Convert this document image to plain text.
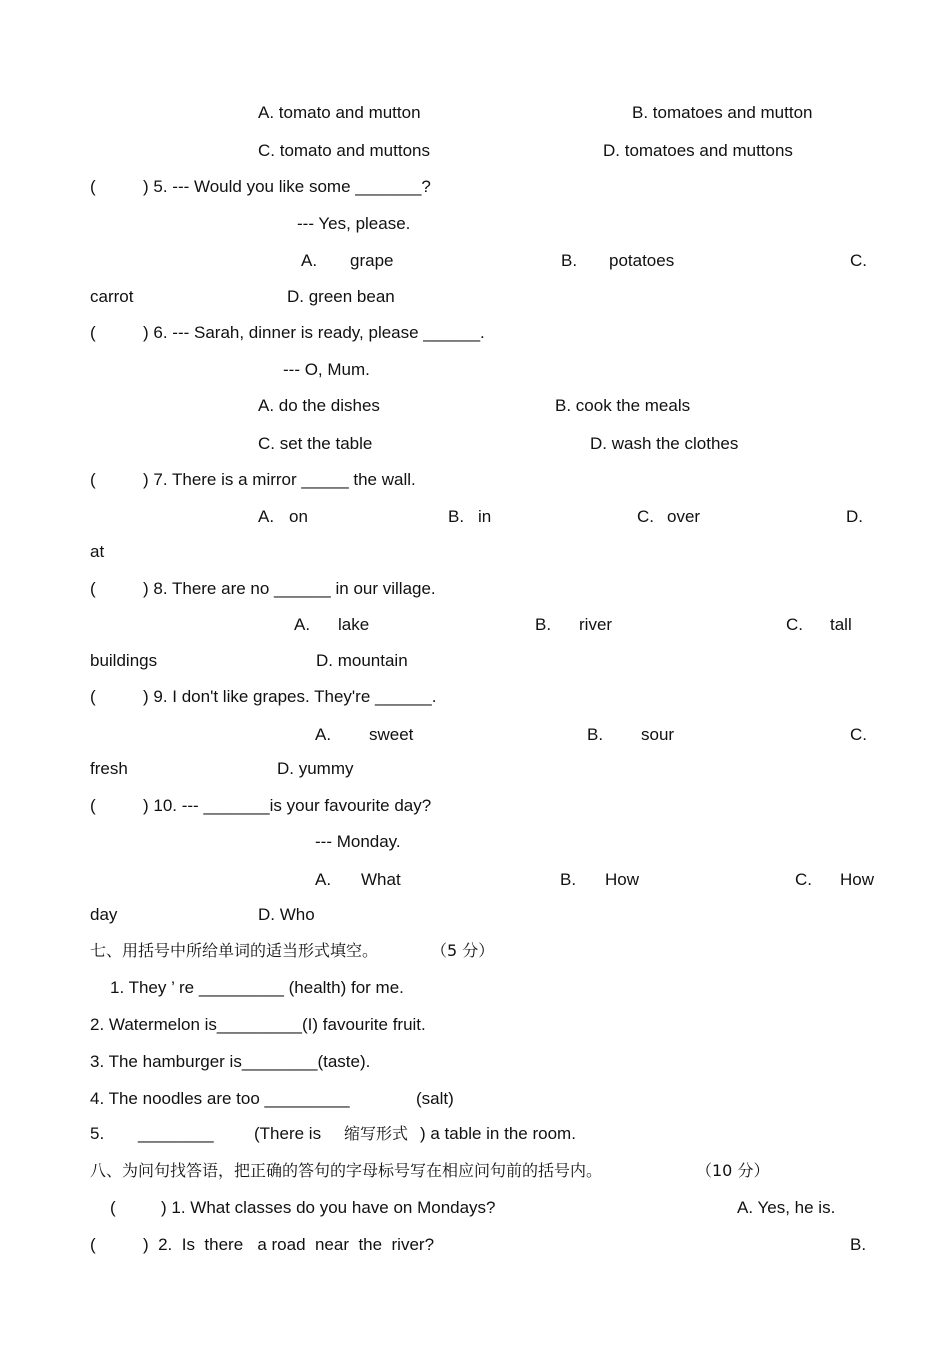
A. tomato and mutton	B. tomatoes and mutton
C. tomato and muttons	D. tomatoes and muttons
(	) 5. --- Would you like some _______?
--- Yes, please.
A. grape	B. potatoes	C.
carrot	D. green bean
(	) 6. --- Sarah, dinner is ready, please ______.
--- O, Mum.
A. do the dishes	B. cook the meals
C. set the table	D. wash the clothes
(	) 7. There is a mirror _____ the wall.
A. on	B. in	C. over	D.
at
(	) 8. There are no ______ in our village.
A. lake	B. river	C. tall
buildings	D. mountain
(	) 9. I don't like grapes. They're ______.
A. sweet	B. sour	C.
fresh	D. yummy
(	) 10. --- _______is your favourite day?
--- Monday.
A. What	B. How	C. How
day	D. Who
七、用括号中所给单词的适当形式填空。	（5 分）
1. They ’ re _________ (health) for me.
2. Watermelon is_________(I) favourite fruit.
3. The hamburger is________(taste).
4. The noodles are too _________	(salt)
5. ________ (There is 缩写形式 ) a table in the room.
八、为问句找答语，把正确的答句的字母标号写在相应问句前的括号内。	（10 分）
(	) 1. What classes do you have on Mondays?	A. Yes, he is.
(	)  2.  Is  there   a road  near  the  river?	B.
